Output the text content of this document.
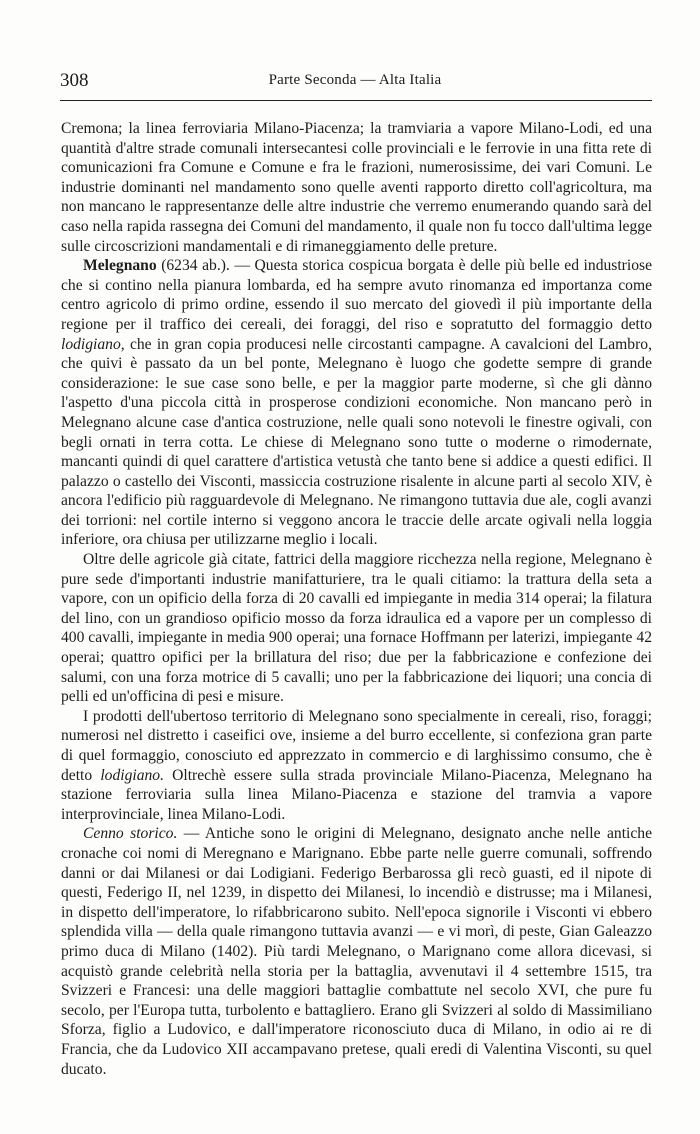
308	Parte Seconda — Alta Italia

Cremona; la linea ferroviaria Milano-Piacenza; la tramviaria a vapore Milano-Lodi, ed una quantità d'altre strade comunali intersecantesi colle provinciali e le ferrovie in una fitta rete di comunicazioni fra Comune e Comune e fra le frazioni, numerosissime, dei vari Comuni. Le industrie dominanti nel mandamento sono quelle aventi rapporto diretto coll'agricoltura, ma non mancano le rappresentanze delle altre industrie che verremo enumerando quando sarà del caso nella rapida rassegna dei Comuni del mandamento, il quale non fu tocco dall'ultima legge sulle circoscrizioni mandamentali e di rimaneggiamento delle preture.

Melegnano (6234 ab.). — Questa storica cospicua borgata è delle più belle ed industriose che si contino nella pianura lombarda, ed ha sempre avuto rinomanza ed importanza come centro agricolo di primo ordine, essendo il suo mercato del giovedì il più importante della regione per il traffico dei cereali, dei foraggi, del riso e sopratutto del formaggio detto lodigiano, che in gran copia producesi nelle circostanti campagne. A cavalcioni del Lambro, che quivi è passato da un bel ponte, Melegnano è luogo che godette sempre di grande considerazione: le sue case sono belle, e per la maggior parte moderne, sì che gli dànno l'aspetto d'una piccola città in prosperose condizioni economiche. Non mancano però in Melegnano alcune case d'antica costruzione, nelle quali sono notevoli le finestre ogivali, con begli ornati in terra cotta. Le chiese di Melegnano sono tutte o moderne o rimodernate, mancanti quindi di quel carattere d'artistica vetustà che tanto bene si addice a questi edifici. Il palazzo o castello dei Visconti, massiccia costruzione risalente in alcune parti al secolo XIV, è ancora l'edificio più ragguardevole di Melegnano. Ne rimangono tuttavia due ale, cogli avanzi dei torrioni: nel cortile interno si veggono ancora le traccie delle arcate ogivali nella loggia inferiore, ora chiusa per utilizzarne meglio i locali.

Oltre delle agricole già citate, fattrici della maggiore ricchezza nella regione, Melegnano è pure sede d'importanti industrie manifatturiere, tra le quali citiamo: la trattura della seta a vapore, con un opificio della forza di 20 cavalli ed impiegante in media 314 operai; la filatura del lino, con un grandioso opificio mosso da forza idraulica ed a vapore per un complesso di 400 cavalli, impiegante in media 900 operai; una fornace Hoffmann per laterizi, impiegante 42 operai; quattro opifici per la brillatura del riso; due per la fabbricazione e confezione dei salumi, con una forza motrice di 5 cavalli; uno per la fabbricazione dei liquori; una concia di pelli ed un'officina di pesi e misure.

I prodotti dell'ubertoso territorio di Melegnano sono specialmente in cereali, riso, foraggi; numerosi nel distretto i caseifici ove, insieme a del burro eccellente, si confeziona gran parte di quel formaggio, conosciuto ed apprezzato in commercio e di larghissimo consumo, che è detto lodigiano. Oltrechè essere sulla strada provinciale Milano-Piacenza, Melegnano ha stazione ferroviaria sulla linea Milano-Piacenza e stazione del tramvia a vapore interprovinciale, linea Milano-Lodi.

Cenno storico. — Antiche sono le origini di Melegnano, designato anche nelle antiche cronache coi nomi di Meregnano e Marignano. Ebbe parte nelle guerre comunali, soffrendo danni or dai Milanesi or dai Lodigiani. Federigo Berbarossa gli recò guasti, ed il nipote di questi, Federigo II, nel 1239, in dispetto dei Milanesi, lo incendiò e distrusse; ma i Milanesi, in dispetto dell'imperatore, lo rifabbricarono subito. Nell'epoca signorile i Visconti vi ebbero splendida villa — della quale rimangono tuttavia avanzi — e vi morì, di peste, Gian Galeazzo primo duca di Milano (1402). Più tardi Melegnano, o Marignano come allora dicevasi, si acquistò grande celebrità nella storia per la battaglia, avvenutavi il 4 settembre 1515, tra Svizzeri e Francesi: una delle maggiori battaglie combattute nel secolo XVI, che pure fu secolo, per l'Europa tutta, turbolento e battagliero. Erano gli Svizzeri al soldo di Massimiliano Sforza, figlio a Ludovico, e dall'imperatore riconosciuto duca di Milano, in odio ai re di Francia, che da Ludovico XII accampavano pretese, quali eredi di Valentina Visconti, su quel ducato.
